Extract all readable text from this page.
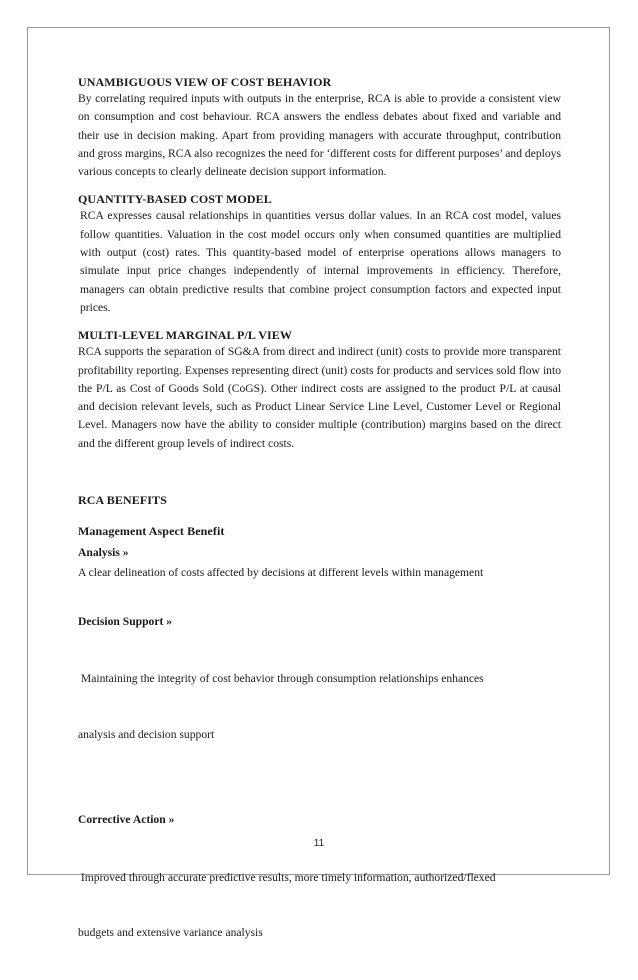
UNAMBIGUOUS VIEW OF COST BEHAVIOR

By correlating required inputs with outputs in the enterprise, RCA is able to provide a consistent view on consumption and cost behaviour. RCA answers the endless debates about fixed and variable and their use in decision making. Apart from providing managers with accurate throughput, contribution and gross margins, RCA also recognizes the need for ‘different costs for different purposes’ and deploys various concepts to clearly delineate decision support information.

QUANTITY-BASED COST MODEL

RCA expresses causal relationships in quantities versus dollar values. In an RCA cost model, values follow quantities. Valuation in the cost model occurs only when consumed quantities are multiplied with output (cost) rates. This quantity-based model of enterprise operations allows managers to simulate input price changes independently of internal improvements in efficiency. Therefore, managers can obtain predictive results that combine project consumption factors and expected input prices.

MULTI-LEVEL MARGINAL P/L VIEW

RCA supports the separation of SG&A from direct and indirect (unit) costs to provide more transparent profitability reporting. Expenses representing direct (unit) costs for products and services sold flow into the P/L as Cost of Goods Sold (CoGS). Other indirect costs are assigned to the product P/L at causal and decision relevant levels, such as Product Linear Service Line Level, Customer Level or Regional Level. Managers now have the ability to consider multiple (contribution) margins based on the direct and the different group levels of indirect costs.

RCA BENEFITS
Management Aspect Benefit
Analysis »

A clear delineation of costs affected by decisions at different levels within management

Decision Support »

Maintaining the integrity of cost behavior through consumption relationships enhances

analysis and decision support

Corrective Action »

Improved through accurate predictive results, more timely information, authorized/flexed

budgets and extensive variance analysis

11
